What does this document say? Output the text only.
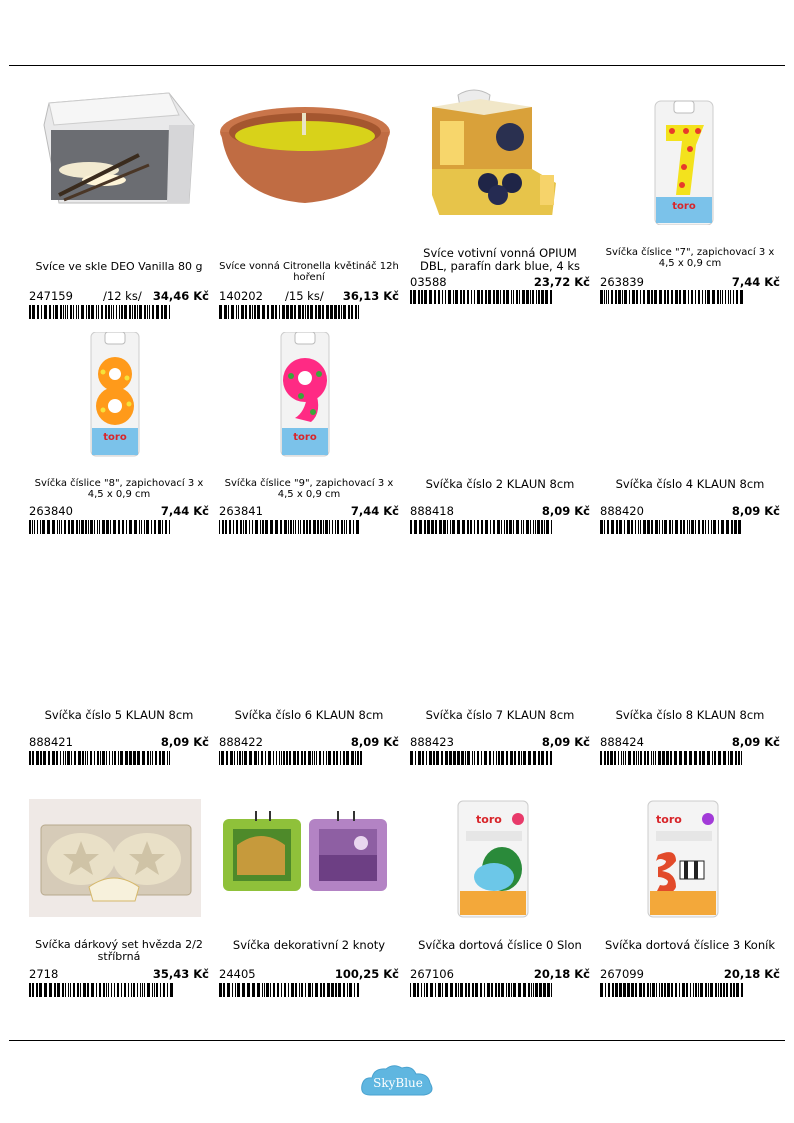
Svíce ve skle DEO Vanilla 80 g
247159	/12 ks/ 34,46 Kč
Svíce vonná Citronella květináč 12h hoření
140202 /15 ks/ 36,13 Kč
Svíce votivní vonná OPIUM DBL, parafín dark blue, 4 ks
03588	23,72 Kč
toro
Svíčka číslice "7", zapichovací 3 x 4,5 x 0,9 cm
263839	7,44 Kč
toro
Svíčka číslice "8", zapichovací 3 x 4,5 x 0,9 cm
263840	7,44 Kč
toro
Svíčka číslice "9", zapichovací 3 x 4,5 x 0,9 cm
263841	7,44 Kč
Svíčka číslo 2 KLAUN 8cm
888418	8,09 Kč
Svíčka číslo 4 KLAUN 8cm
888420	8,09 Kč
Svíčka číslo 5 KLAUN 8cm
888421	8,09 Kč
Svíčka číslo 6 KLAUN 8cm
888422	8,09 Kč
Svíčka číslo 7 KLAUN 8cm
888423	8,09 Kč
Svíčka číslo 8 KLAUN 8cm
888424	8,09 Kč
Svíčka dárkový set hvězda 2/2 stříbrná
2718	35,43 Kč
Svíčka dekorativní 2 knoty
24405	100,25 Kč
toro
Svíčka dortová číslice 0 Slon
267106	20,18 Kč
toro
Svíčka dortová číslice 3 Koník
267099	20,18 Kč
SkyBlue
